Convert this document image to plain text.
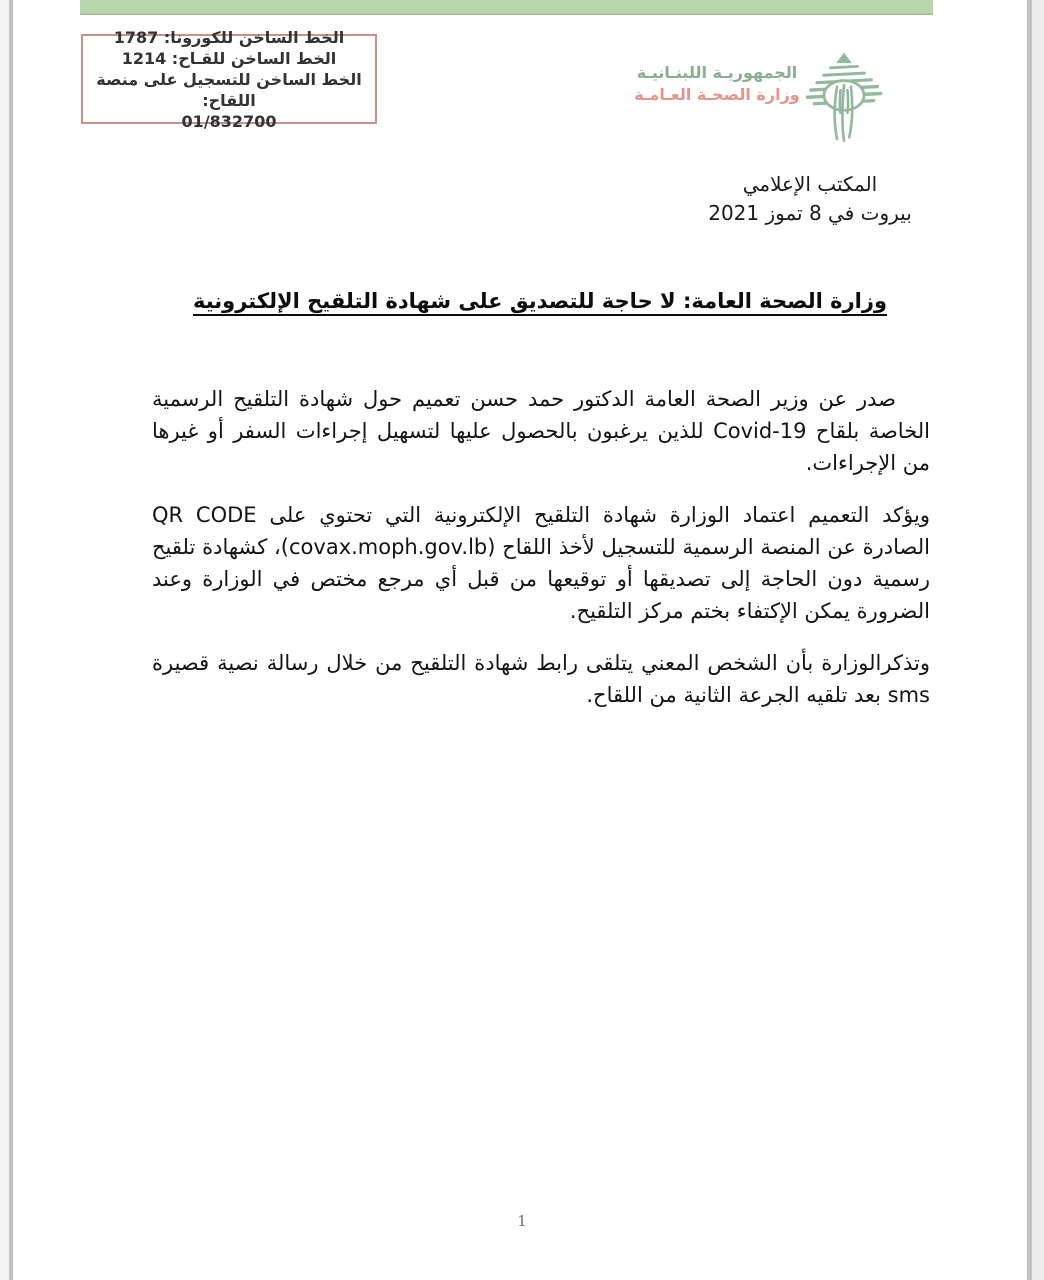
الخط الساخن للكورونا: 1787
الخط الساخن للقـاح: 1214
الخط الساخن للتسجيل على منصة اللقاح:
01/832700
الجمهوريـة اللبنـانيـة
وزارة الصحـة العـامـة
المكتب الإعلامي
بيروت في 8 تموز 2021
وزارة الصحة العامة: لا حاجة للتصديق على شهادة التلقيح الإلكترونية

صدر عن وزير الصحة العامة الدكتور حمد حسن تعميم حول شهادة التلقيح الرسمية الخاصة بلقاح Covid-19 للذين يرغبون بالحصول عليها لتسهيل إجراءات السفر أو غيرها من الإجراءات.

ويؤكد التعميم اعتماد الوزارة شهادة التلقيح الإلكترونية التي تحتوي على QR CODE الصادرة عن المنصة الرسمية للتسجيل لأخذ اللقاح (covax.moph.gov.lb)، كشهادة تلقيح رسمية دون الحاجة إلى تصديقها أو توقيعها من قبل أي مرجع مختص في الوزارة وعند الضرورة يمكن الإكتفاء بختم مركز التلقيح.

وتذكرالوزارة بأن الشخص المعني يتلقى رابط شهادة التلقيح من خلال رسالة نصية قصيرة sms بعد تلقيه الجرعة الثانية من اللقاح.

1
